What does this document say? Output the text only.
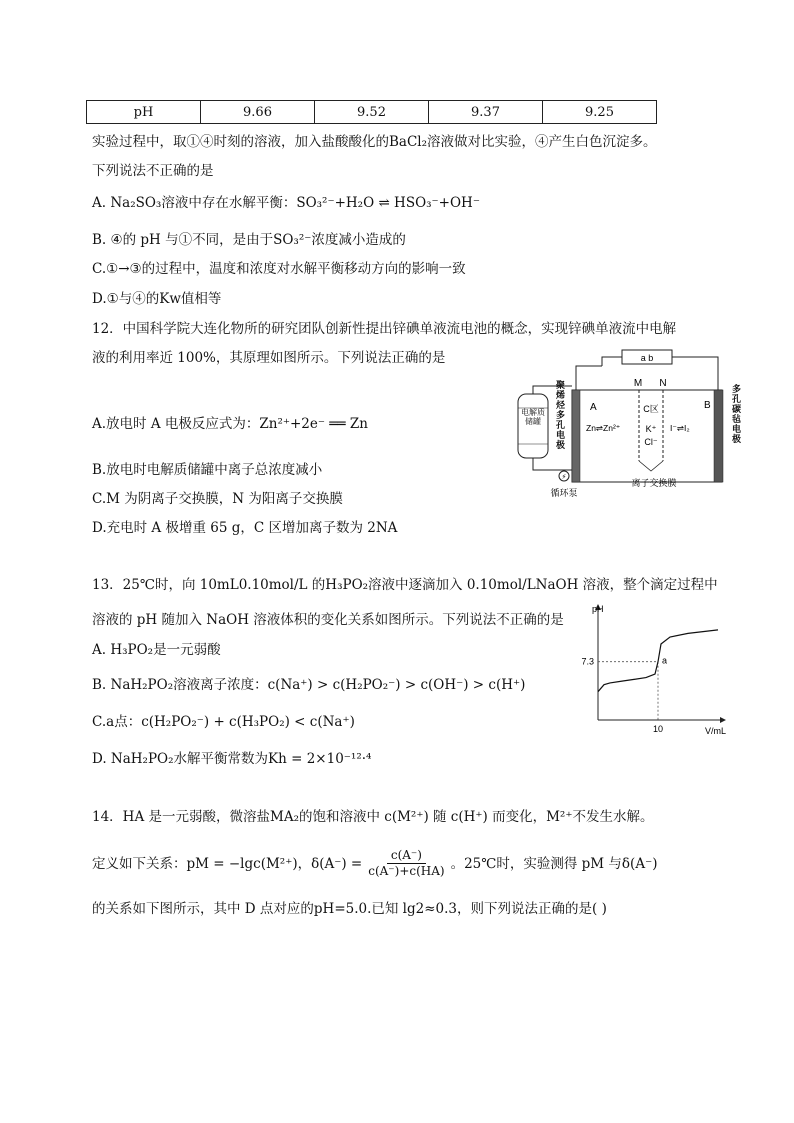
pH	9.66	9.52	9.37	9.25
实验过程中，取①④时刻的溶液，加入盐酸酸化的BaCl₂溶液做对比实验，④产生白色沉淀多。
下列说法不正确的是
A. Na₂SO₃溶液中存在水解平衡：SO₃²⁻+H₂O ⇌ HSO₃⁻+OH⁻
B. ④的 pH 与①不同，是由于SO₃²⁻浓度减小造成的
C.①→③的过程中，温度和浓度对水解平衡移动方向的影响一致
D.①与④的Kw值相等
12．中国科学院大连化物所的研究团队创新性提出锌碘单液流电池的概念，实现锌碘单液流中电解
液的利用率近 100%，其原理如图所示。下列说法正确的是
A.放电时 A 电极反应式为：Zn²⁺+2e⁻ ══ Zn
B.放电时电解质储罐中离子总浓度减小
C.M 为阴离子交换膜，N 为阳离子交换膜
D.充电时 A 极增重 65 g，C 区增加离子数为 2NA
a b
M N
A	B
C区
K⁺
Cl⁻
Zn⇌Zn²⁺	I⁻⇌I₂
电解质储罐
聚烯烃多孔电极
多孔碳毡电极
⚡
循环泵
离子交换膜
13．25℃时，向 10mL0.10mol/L 的H₃PO₂溶液中逐滴加入 0.10mol/LNaOH 溶液，整个滴定过程中
溶液的 pH 随加入 NaOH 溶液体积的变化关系如图所示。下列说法不正确的是
A. H₃PO₂是一元弱酸
B. NaH₂PO₂溶液离子浓度：c(Na⁺) > c(H₂PO₂⁻) > c(OH⁻) > c(H⁺)
C.a点：c(H₂PO₂⁻) + c(H₃PO₂) < c(Na⁺)
D. NaH₂PO₂水解平衡常数为Kh = 2×10⁻¹²·⁴
pH
V/mL
7.3
10
a
14．HA 是一元弱酸，微溶盐MA₂的饱和溶液中 c(M²⁺) 随 c(H⁺) 而变化，M²⁺不发生水解。
定义如下关系：pM = −lgc(M²⁺)，$\delta(A^-) = \frac{c(A^-)}{c(A^-)+c(HA)}$ 。25℃时，实验测得 pM 与δ(A⁻)
的关系如下图所示，其中 D 点对应的pH=5.0.已知 lg2≈0.3，则下列说法正确的是( )
